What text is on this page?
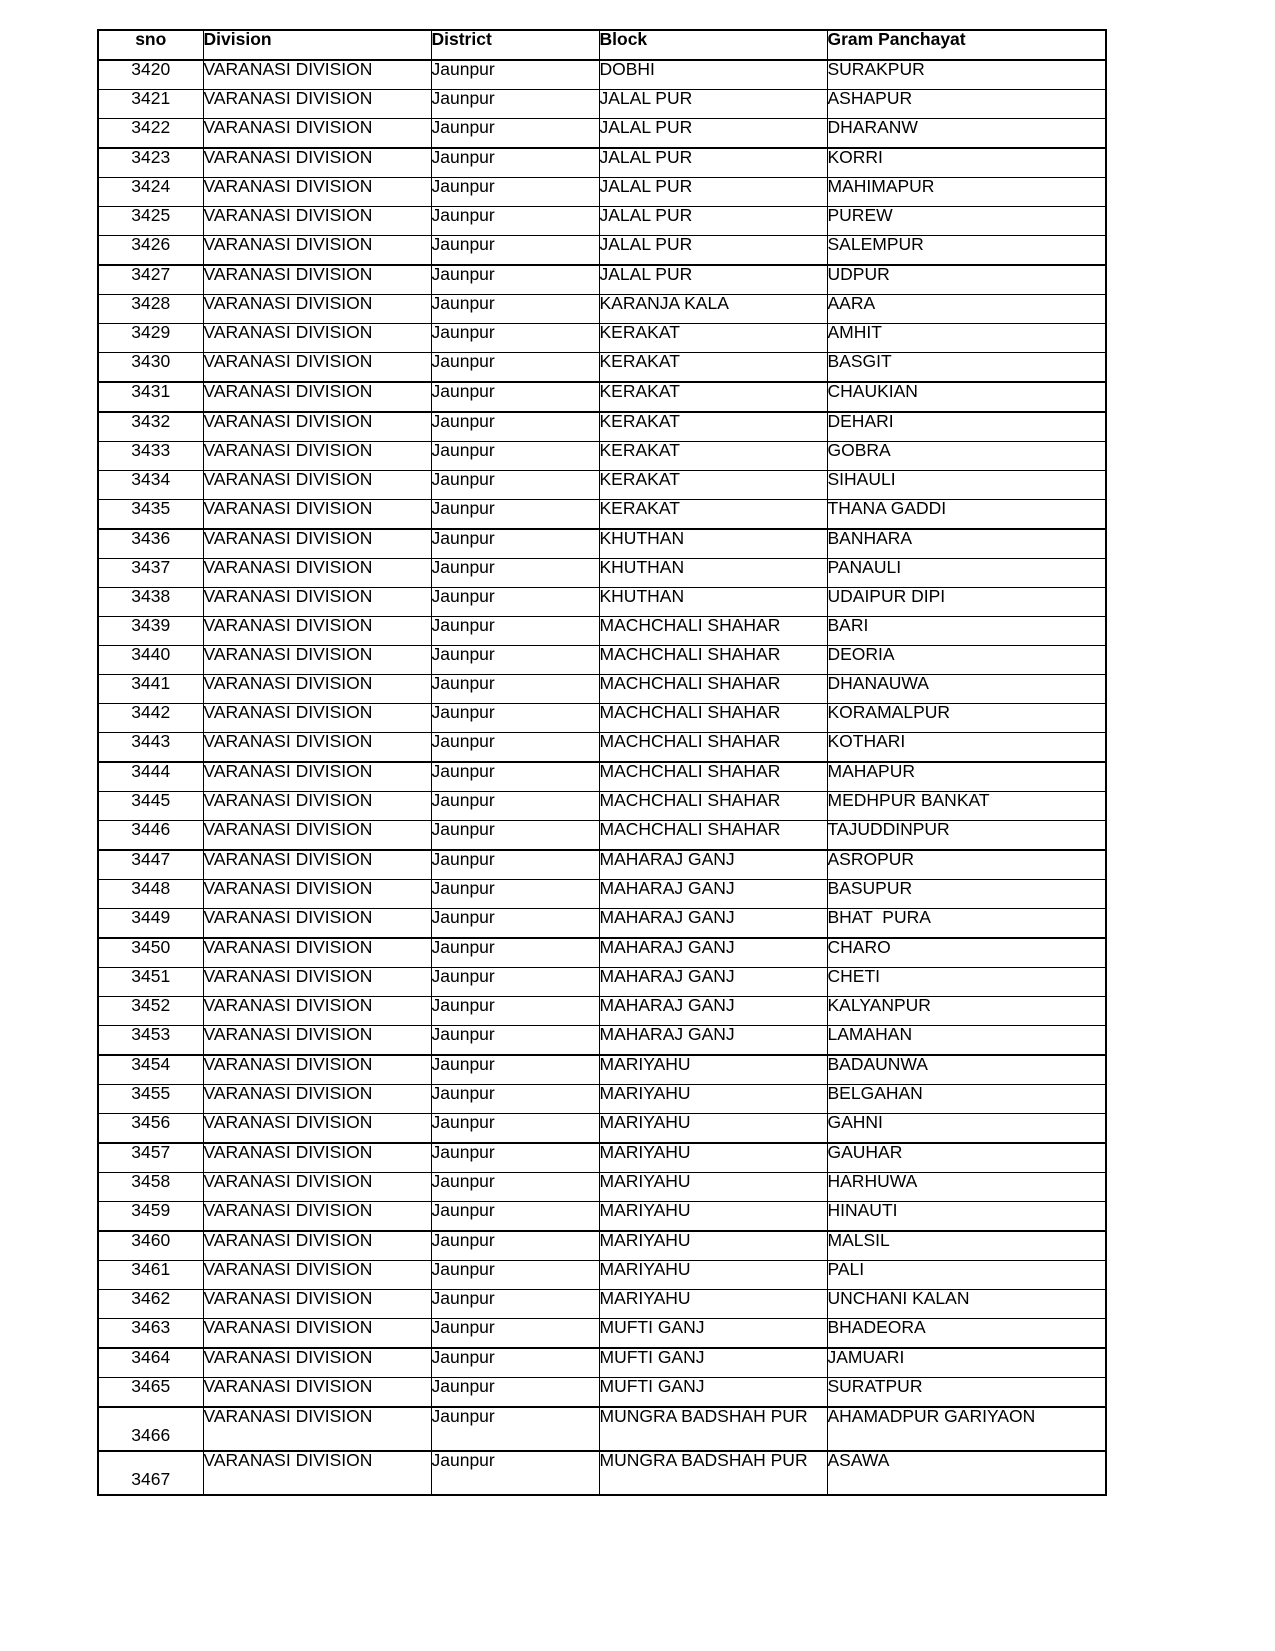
sno	Division	District	Block	Gram Panchayat
3420	VARANASI DIVISION	Jaunpur	DOBHI	SURAKPUR
3421	VARANASI DIVISION	Jaunpur	JALAL PUR	ASHAPUR
3422	VARANASI DIVISION	Jaunpur	JALAL PUR	DHARANW
3423	VARANASI DIVISION	Jaunpur	JALAL PUR	KORRI
3424	VARANASI DIVISION	Jaunpur	JALAL PUR	MAHIMAPUR
3425	VARANASI DIVISION	Jaunpur	JALAL PUR	PUREW
3426	VARANASI DIVISION	Jaunpur	JALAL PUR	SALEMPUR
3427	VARANASI DIVISION	Jaunpur	JALAL PUR	UDPUR
3428	VARANASI DIVISION	Jaunpur	KARANJA KALA	AARA
3429	VARANASI DIVISION	Jaunpur	KERAKAT	AMHIT
3430	VARANASI DIVISION	Jaunpur	KERAKAT	BASGIT
3431	VARANASI DIVISION	Jaunpur	KERAKAT	CHAUKIAN
3432	VARANASI DIVISION	Jaunpur	KERAKAT	DEHARI
3433	VARANASI DIVISION	Jaunpur	KERAKAT	GOBRA
3434	VARANASI DIVISION	Jaunpur	KERAKAT	SIHAULI
3435	VARANASI DIVISION	Jaunpur	KERAKAT	THANA GADDI
3436	VARANASI DIVISION	Jaunpur	KHUTHAN	BANHARA
3437	VARANASI DIVISION	Jaunpur	KHUTHAN	PANAULI
3438	VARANASI DIVISION	Jaunpur	KHUTHAN	UDAIPUR DIPI
3439	VARANASI DIVISION	Jaunpur	MACHCHALI SHAHAR	BARI
3440	VARANASI DIVISION	Jaunpur	MACHCHALI SHAHAR	DEORIA
3441	VARANASI DIVISION	Jaunpur	MACHCHALI SHAHAR	DHANAUWA
3442	VARANASI DIVISION	Jaunpur	MACHCHALI SHAHAR	KORAMALPUR
3443	VARANASI DIVISION	Jaunpur	MACHCHALI SHAHAR	KOTHARI
3444	VARANASI DIVISION	Jaunpur	MACHCHALI SHAHAR	MAHAPUR
3445	VARANASI DIVISION	Jaunpur	MACHCHALI SHAHAR	MEDHPUR BANKAT
3446	VARANASI DIVISION	Jaunpur	MACHCHALI SHAHAR	TAJUDDINPUR
3447	VARANASI DIVISION	Jaunpur	MAHARAJ GANJ	ASROPUR
3448	VARANASI DIVISION	Jaunpur	MAHARAJ GANJ	BASUPUR
3449	VARANASI DIVISION	Jaunpur	MAHARAJ GANJ	BHAT  PURA
3450	VARANASI DIVISION	Jaunpur	MAHARAJ GANJ	CHARO
3451	VARANASI DIVISION	Jaunpur	MAHARAJ GANJ	CHETI
3452	VARANASI DIVISION	Jaunpur	MAHARAJ GANJ	KALYANPUR
3453	VARANASI DIVISION	Jaunpur	MAHARAJ GANJ	LAMAHAN
3454	VARANASI DIVISION	Jaunpur	MARIYAHU	BADAUNWA
3455	VARANASI DIVISION	Jaunpur	MARIYAHU	BELGAHAN
3456	VARANASI DIVISION	Jaunpur	MARIYAHU	GAHNI
3457	VARANASI DIVISION	Jaunpur	MARIYAHU	GAUHAR
3458	VARANASI DIVISION	Jaunpur	MARIYAHU	HARHUWA
3459	VARANASI DIVISION	Jaunpur	MARIYAHU	HINAUTI
3460	VARANASI DIVISION	Jaunpur	MARIYAHU	MALSIL
3461	VARANASI DIVISION	Jaunpur	MARIYAHU	PALI
3462	VARANASI DIVISION	Jaunpur	MARIYAHU	UNCHANI KALAN
3463	VARANASI DIVISION	Jaunpur	MUFTI GANJ	BHADEORA
3464	VARANASI DIVISION	Jaunpur	MUFTI GANJ	JAMUARI
3465	VARANASI DIVISION	Jaunpur	MUFTI GANJ	SURATPUR
3466	VARANASI DIVISION	Jaunpur	MUNGRA BADSHAH PUR	AHAMADPUR GARIYAON
3467	VARANASI DIVISION	Jaunpur	MUNGRA BADSHAH PUR	ASAWA
